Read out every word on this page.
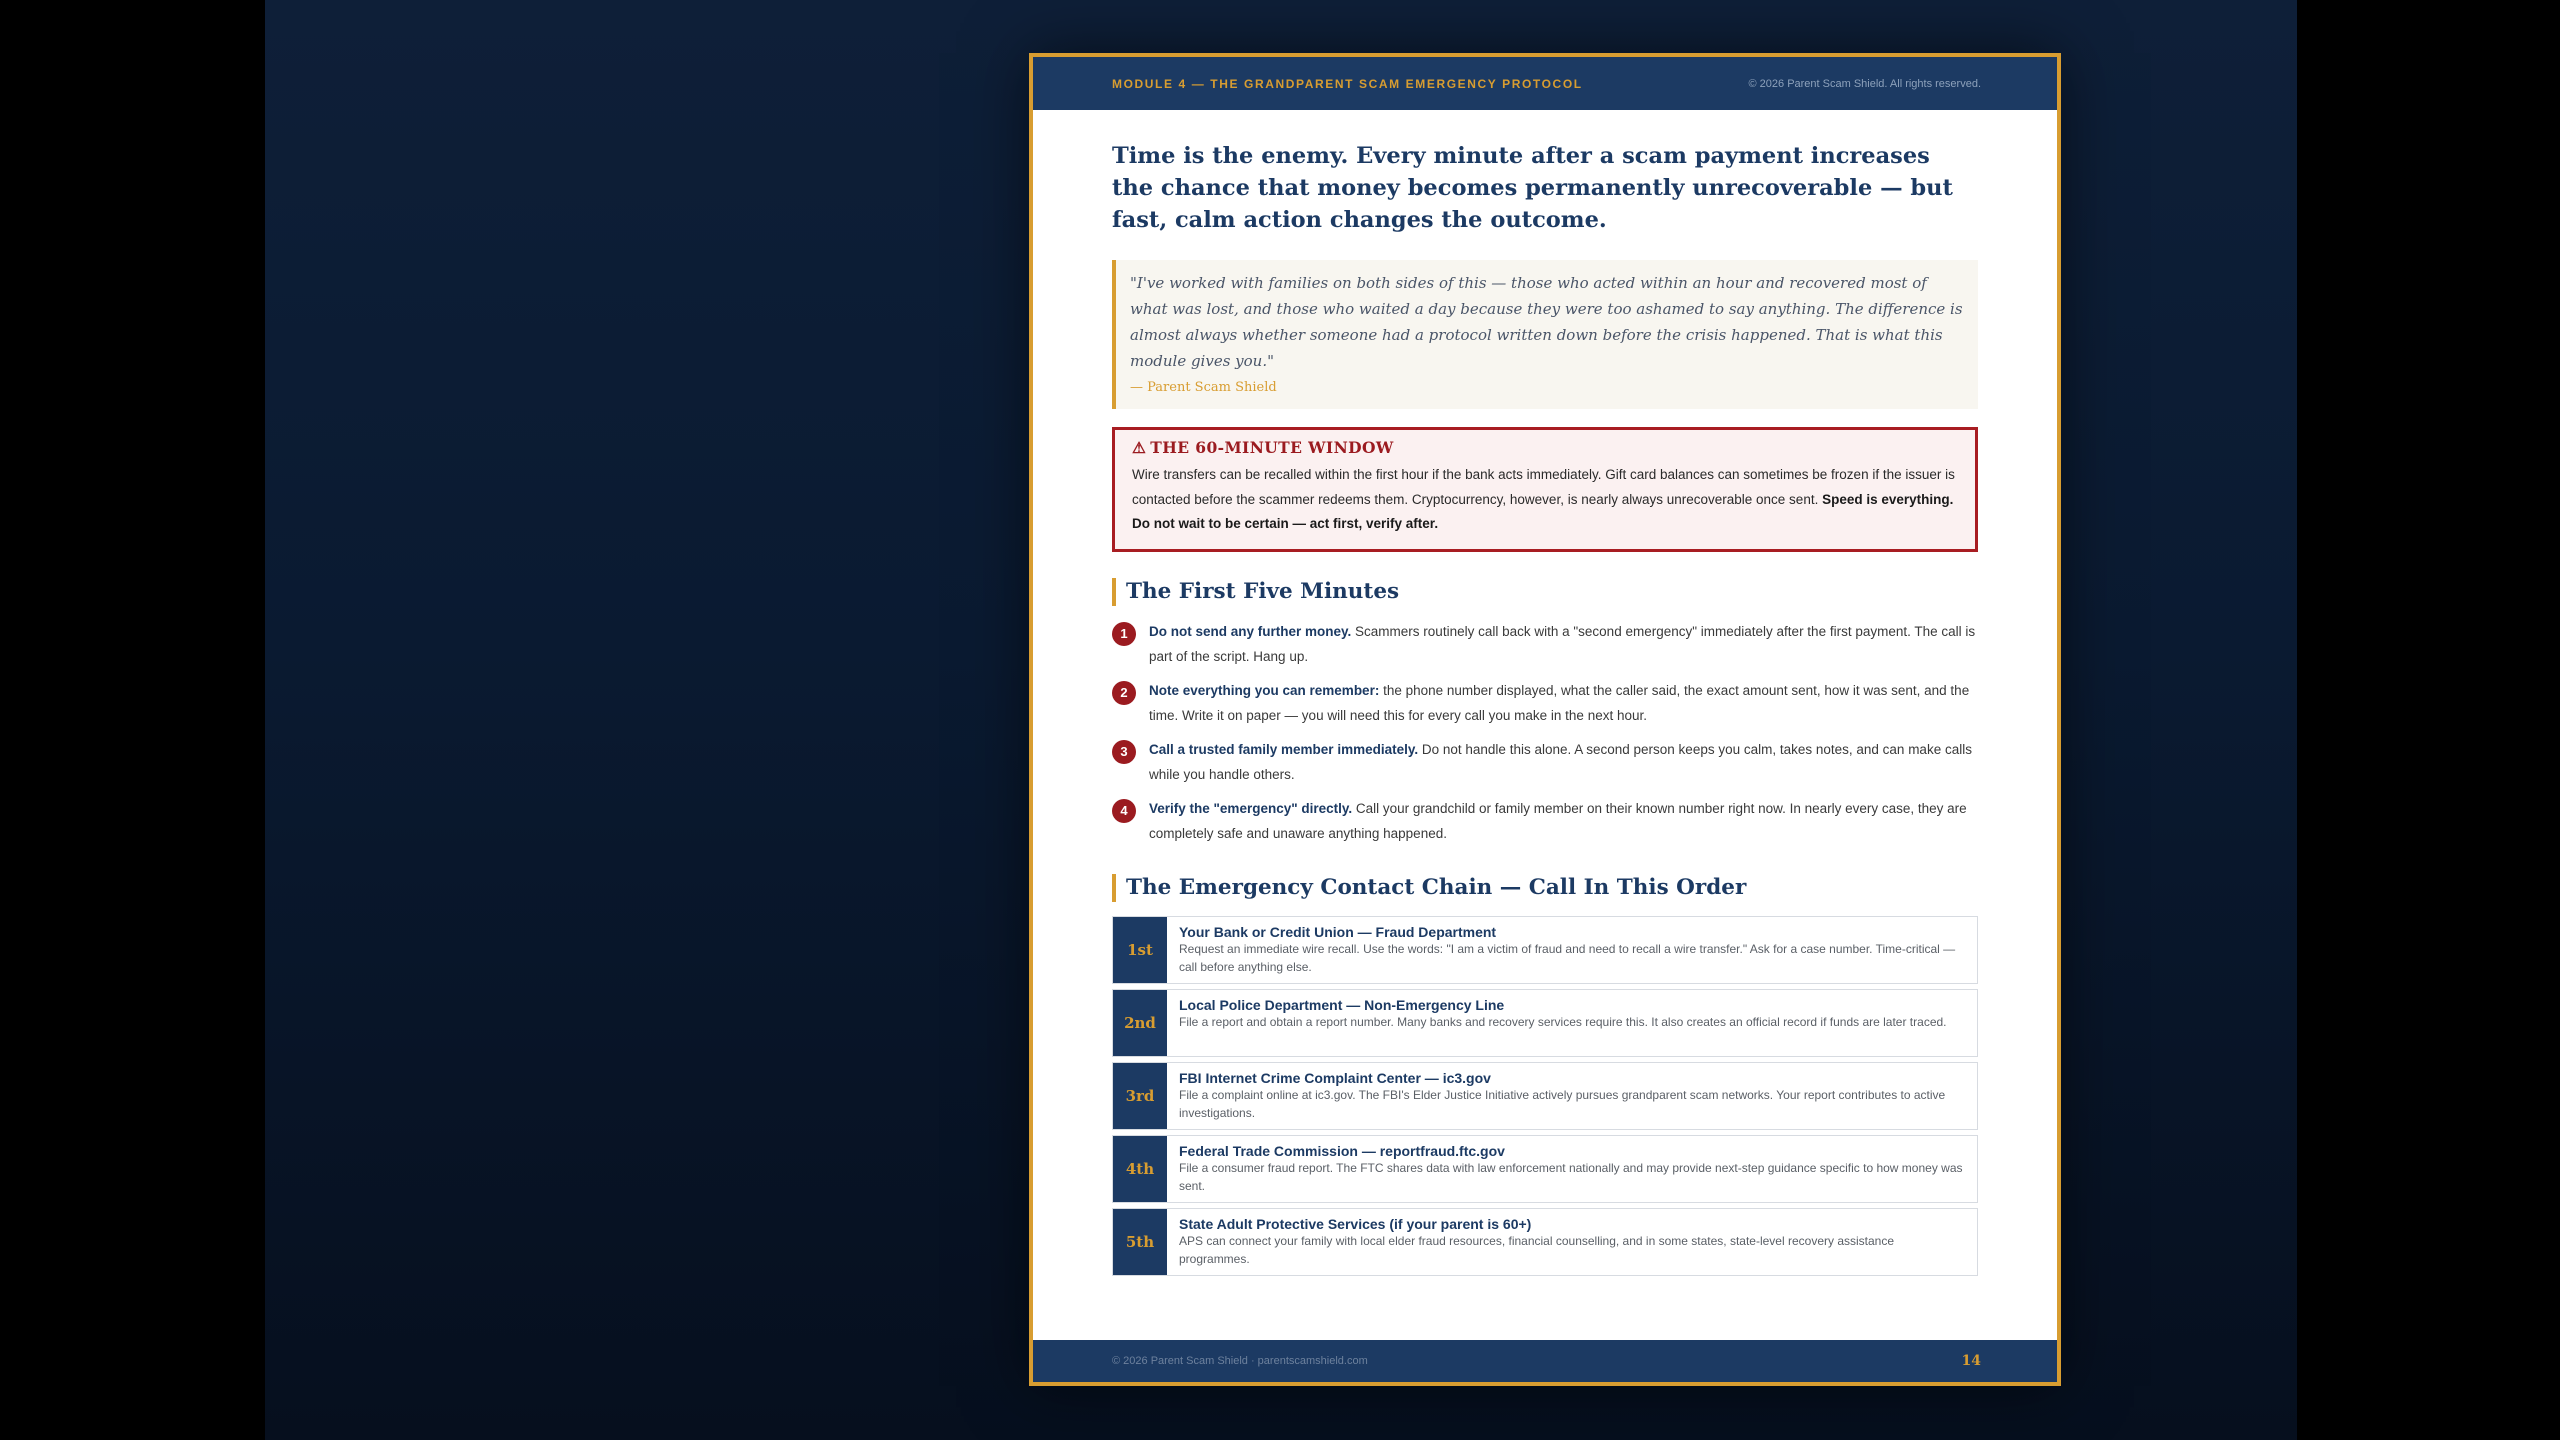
MODULE 4 — THE GRANDPARENT SCAM EMERGENCY PROTOCOL	© 2026 Parent Scam Shield. All rights reserved.

Time is the enemy. Every minute after a scam payment increases the chance that money becomes permanently unrecoverable — but fast, calm action changes the outcome.

"I've worked with families on both sides of this — those who acted within an hour and recovered most of what was lost, and those who waited a day because they were too ashamed to say anything. The difference is almost always whether someone had a protocol written down before the crisis happened. That is what this module gives you."
— Parent Scam Shield
⚠ THE 60-MINUTE WINDOW
Wire transfers can be recalled within the first hour if the bank acts immediately. Gift card balances can sometimes be frozen if the issuer is contacted before the scammer redeems them. Cryptocurrency, however, is nearly always unrecoverable once sent. Speed is everything. Do not wait to be certain — act first, verify after.
The First Five Minutes
1	Do not send any further money. Scammers routinely call back with a "second emergency" immediately after the first payment. The call is part of the script. Hang up.
2	Note everything you can remember: the phone number displayed, what the caller said, the exact amount sent, how it was sent, and the time. Write it on paper — you will need this for every call you make in the next hour.
3	Call a trusted family member immediately. Do not handle this alone. A second person keeps you calm, takes notes, and can make calls while you handle others.
4	Verify the "emergency" directly. Call your grandchild or family member on their known number right now. In nearly every case, they are completely safe and unaware anything happened.
The Emergency Contact Chain — Call In This Order
1st
Your Bank or Credit Union — Fraud Department
Request an immediate wire recall. Use the words: "I am a victim of fraud and need to recall a wire transfer." Ask for a case number. Time-critical — call before anything else.
2nd
Local Police Department — Non-Emergency Line
File a report and obtain a report number. Many banks and recovery services require this. It also creates an official record if funds are later traced.
3rd
FBI Internet Crime Complaint Center — ic3.gov
File a complaint online at ic3.gov. The FBI's Elder Justice Initiative actively pursues grandparent scam networks. Your report contributes to active investigations.
4th
Federal Trade Commission — reportfraud.ftc.gov
File a consumer fraud report. The FTC shares data with law enforcement nationally and may provide next-step guidance specific to how money was sent.
5th
State Adult Protective Services (if your parent is 60+)
APS can connect your family with local elder fraud resources, financial counselling, and in some states, state-level recovery assistance programmes.
© 2026 Parent Scam Shield · parentscamshield.com	14
